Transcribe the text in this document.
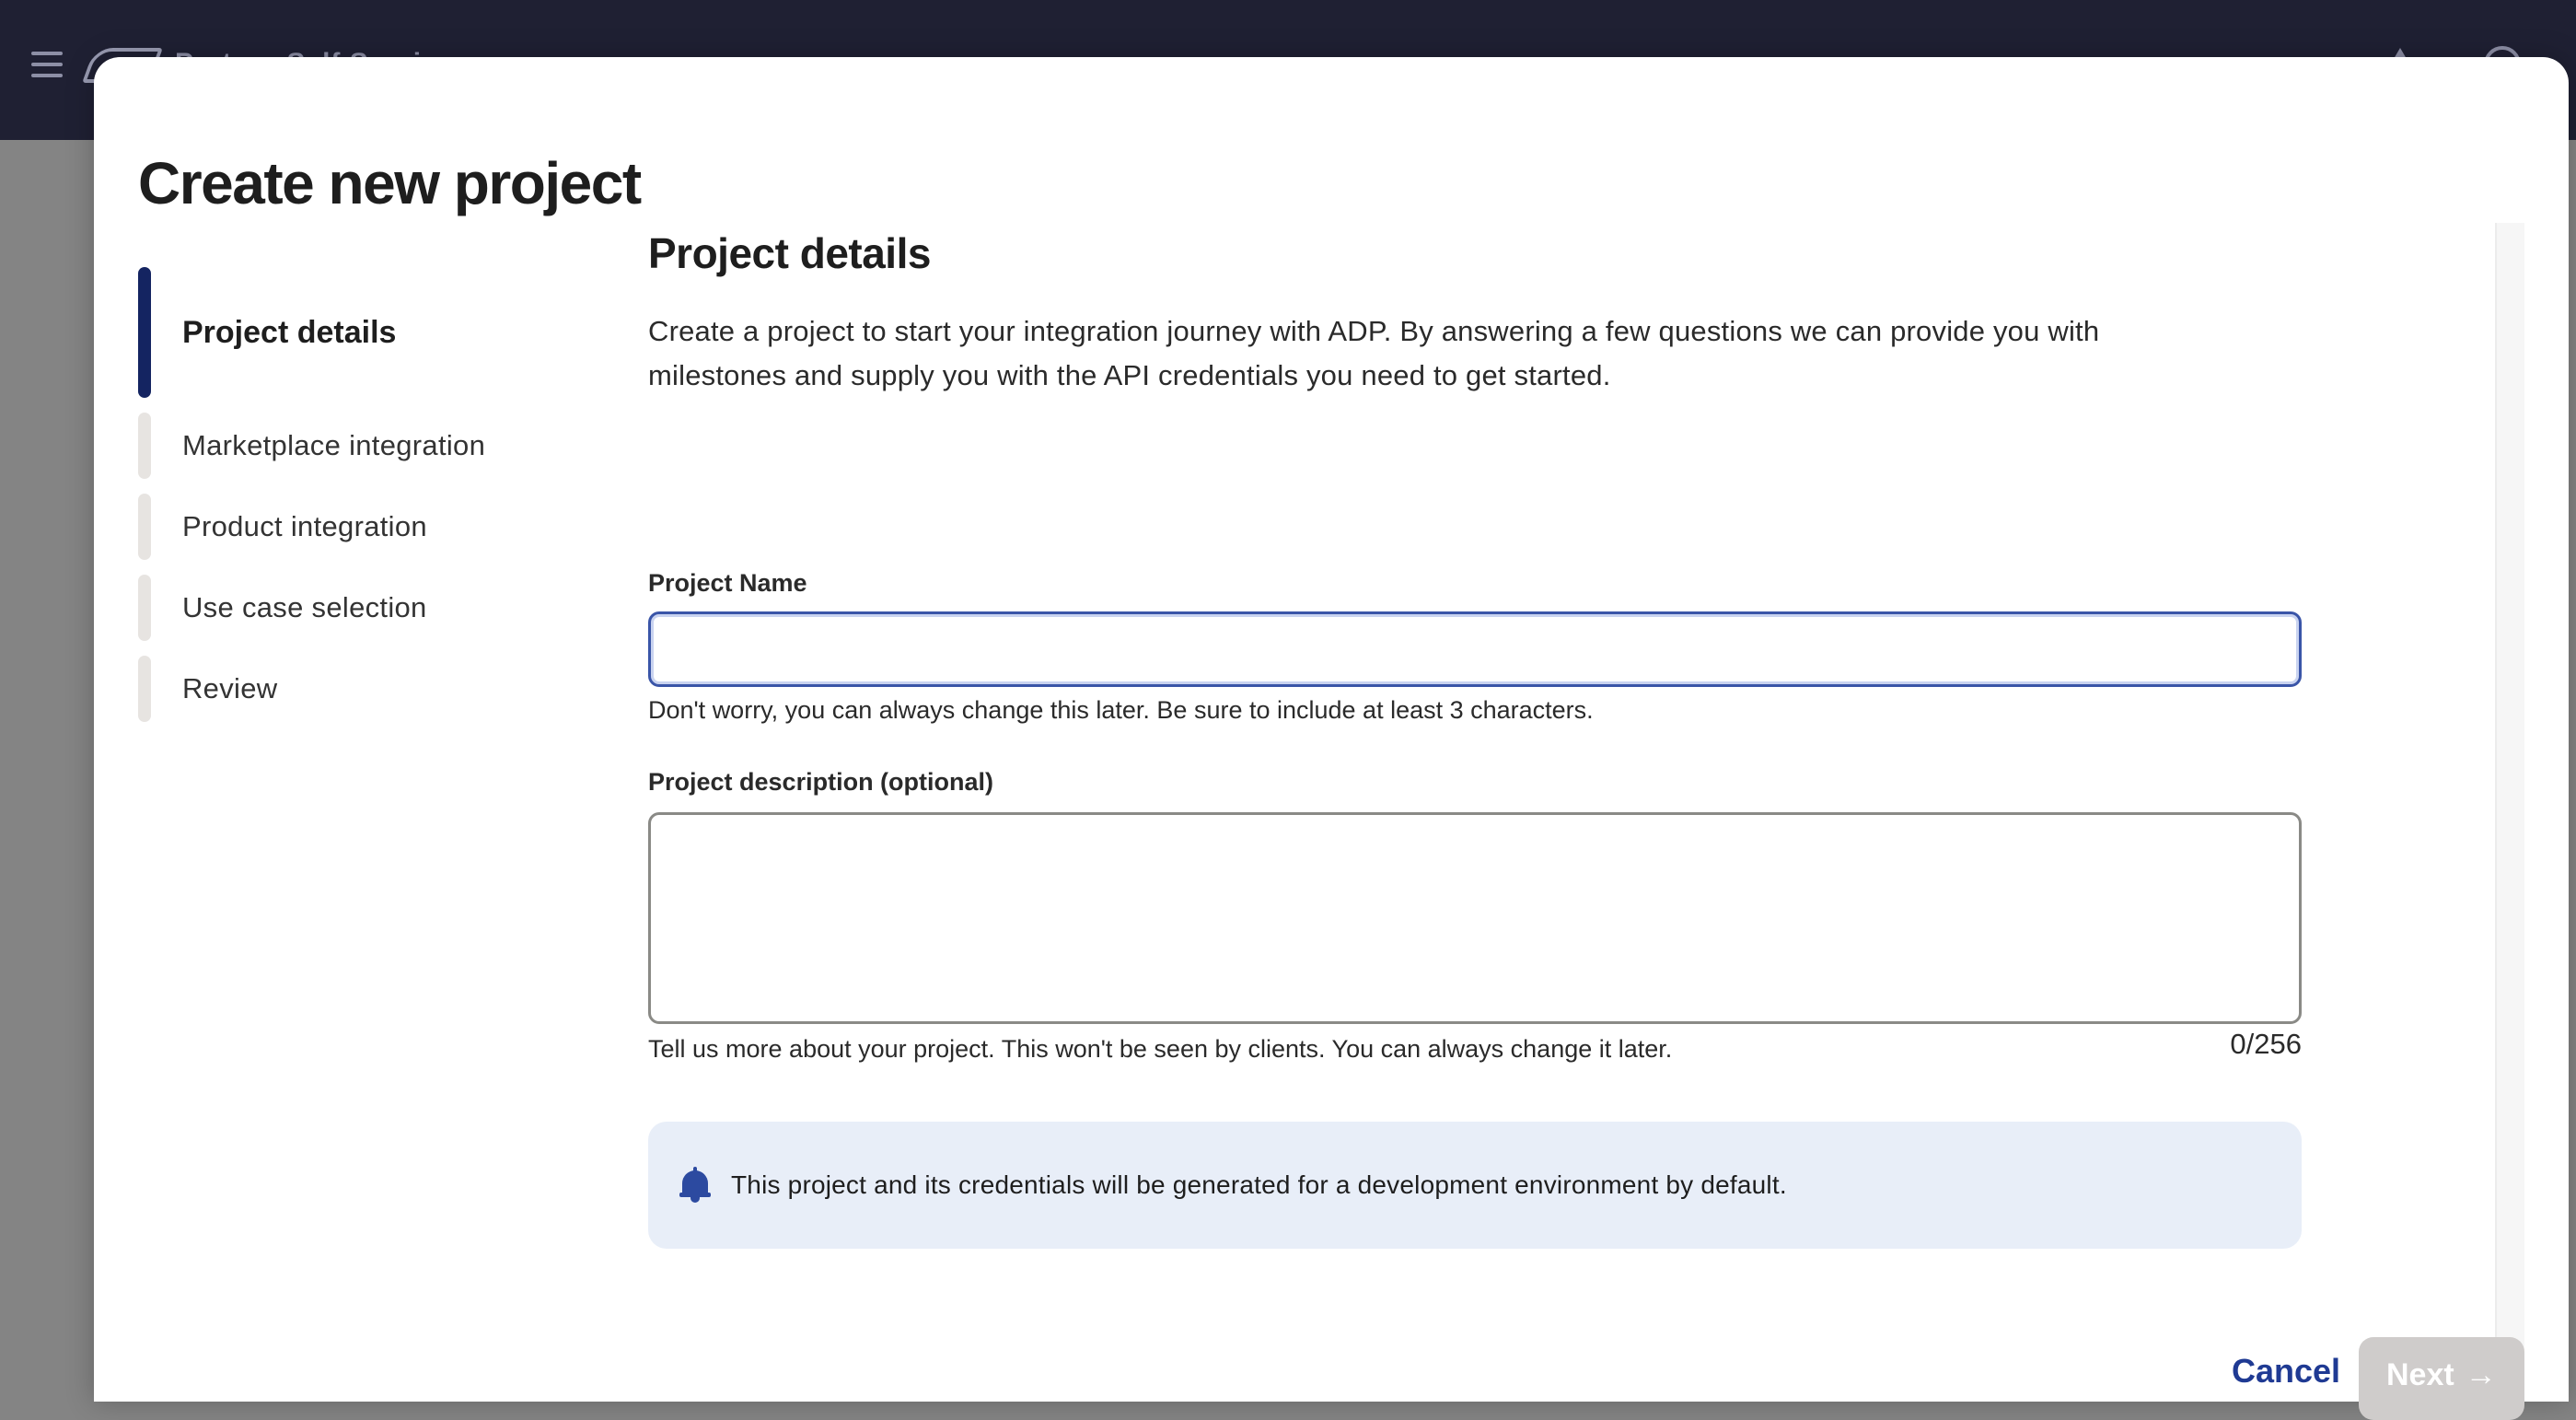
Create new project
Project details
Marketplace integration
Product integration
Use case selection
Review
Cancel Next →
Project details

Create a project to start your integration journey with ADP. By answering a few questions we can provide you with
milestones and supply you with the API credentials you need to get started.

Project Name
Don't worry, you can always change this later. Be sure to include at least 3 characters.
Project description (optional)
Tell us more about your project. This won't be seen by clients. You can always change it later.	0/256
This project and its credentials will be generated for a development environment by default.
